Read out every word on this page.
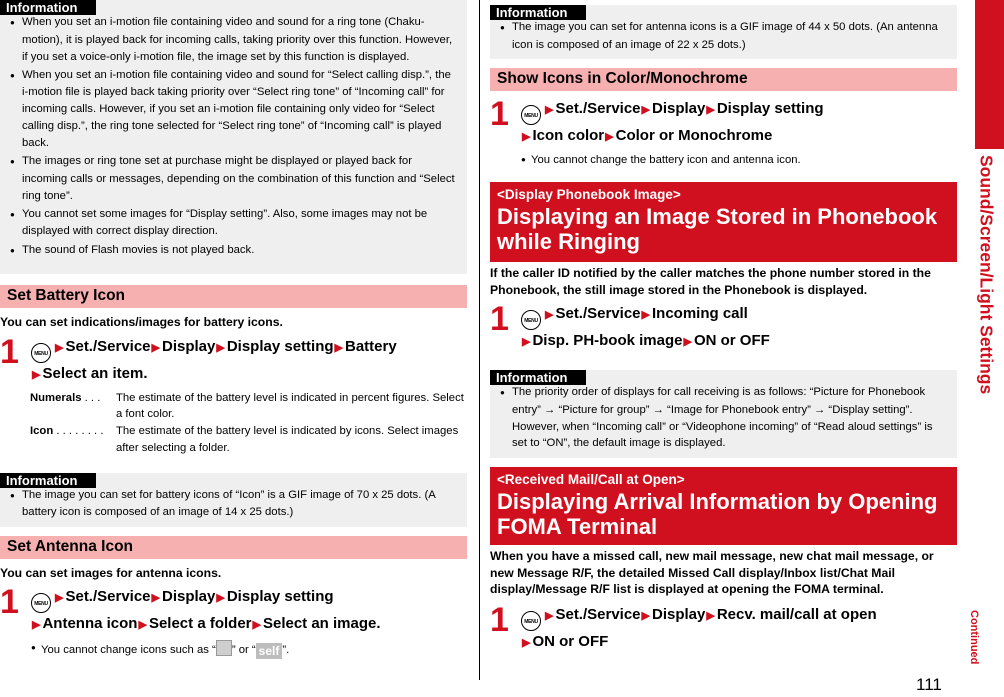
Information

● When you set an i-motion file containing video and sound for a ring tone (Chaku-motion), it is played back for incoming calls, taking priority over this function. However, if you set a voice-only i-motion file, the image set by this function is displayed.

● When you set an i-motion file containing video and sound for “Select calling disp.”, the i-motion file is played back taking priority over “Select ring tone” of “Incoming call” for incoming calls. However, if you set an i-motion file containing only video for “Select calling disp.”, the ring tone selected for “Select ring tone” of “Incoming call” is played back.

● The images or ring tone set at purchase might be displayed or played back for incoming calls or messages, depending on the combination of this function and “Select ring tone”.

● You cannot set some images for “Display setting”. Also, some images may not be displayed with correct display direction.

● The sound of Flash movies is not played back.

Set Battery Icon

You can set indications/images for battery icons.

1	MENU ▶ Set./Service▶ Display▶ Display setting▶ Battery
▶ Select an item.
Numerals . . .	The estimate of the battery level is indicated in percent figures. Select a font color.
Icon . . . . . . . .	The estimate of the battery level is indicated by icons. Select images after selecting a folder.
Information

● The image you can set for battery icons of “Icon” is a GIF image of 70 x 25 dots. (A battery icon is composed of an image of 14 x 25 dots.)

Set Antenna Icon

You can set images for antenna icons.

1	MENU ▶ Set./Service▶ Display▶ Display setting
▶ Antenna icon▶ Select a folder▶ Select an image.
● You cannot change icons such as “ ” or “ self ”.
Information

● The image you can set for antenna icons is a GIF image of 44 x 50 dots. (An antenna icon is composed of an image of 22 x 25 dots.)

Show Icons in Color/Monochrome
1	MENU ▶ Set./Service▶ Display▶ Display setting
▶ Icon color▶ Color or Monochrome
● You cannot change the battery icon and antenna icon.
<Display Phonebook Image>
Displaying an Image Stored in Phonebook while Ringing

If the caller ID notified by the caller matches the phone number stored in the Phonebook, the still image stored in the Phonebook is displayed.

1	MENU ▶ Set./Service▶ Incoming call
▶ Disp. PH-book image▶ ON or OFF
Information

● The priority order of displays for call receiving is as follows: “Picture for Phonebook entry” → “Picture for group” → “Image for Phonebook entry” → “Display setting”. However, when “Incoming call” or “Videophone incoming” of “Read aloud settings” is set to “ON”, the default image is displayed.

<Received Mail/Call at Open>
Displaying Arrival Information by Opening FOMA Terminal

When you have a missed call, new mail message, new chat mail message, or new Message R/F, the detailed Missed Call display/Inbox list/Chat Mail display/Message R/F list is displayed at opening the FOMA terminal.

1	MENU ▶ Set./Service▶ Display▶ Recv. mail/call at open
▶ ON or OFF
Sound/Screen/Light Settings
Continued
111
